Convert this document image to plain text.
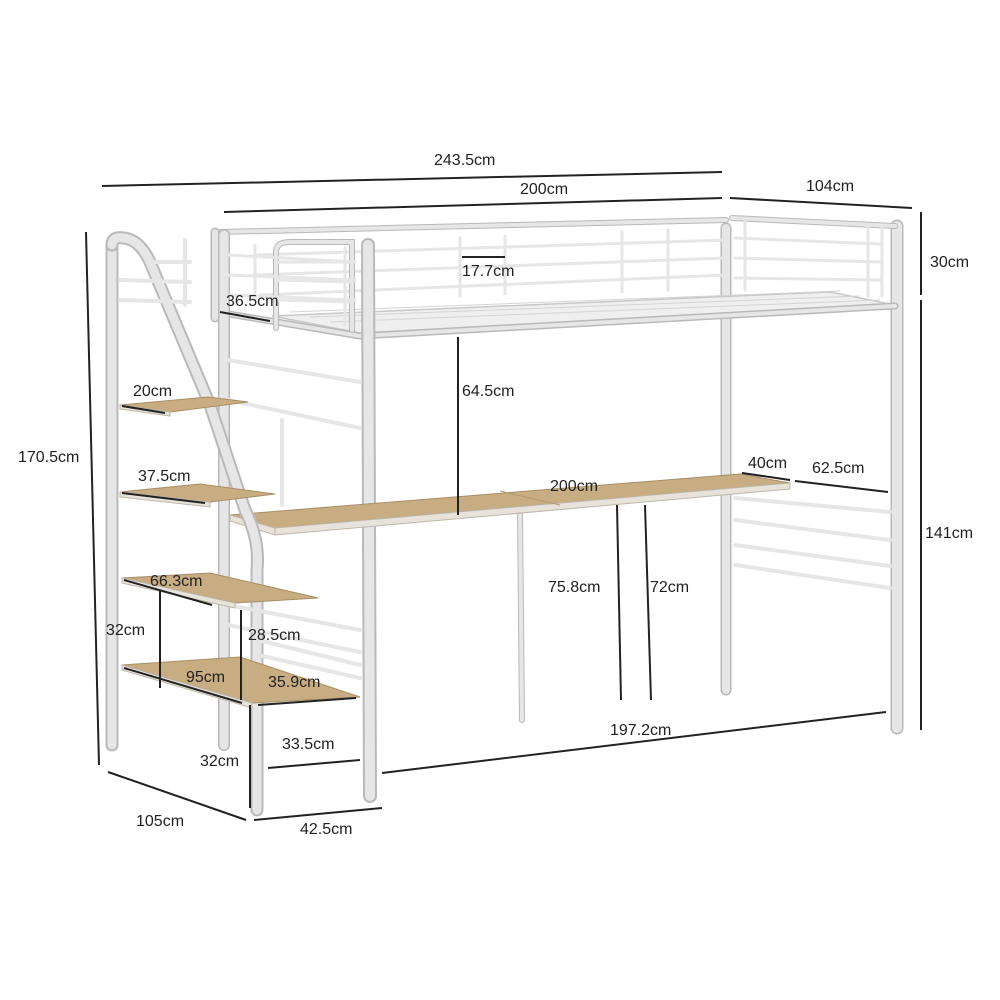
243.5cm
200cm	104cm
30cm
170.5cm
141cm
17.7cm
36.5cm
64.5cm
200cm
40cm 62.5cm
75.8cm	72cm
197.2cm
20cm
37.5cm
66.3cm
32cm	28.5cm
95cm	35.9cm
33.5cm
32cm
105cm	42.5cm
